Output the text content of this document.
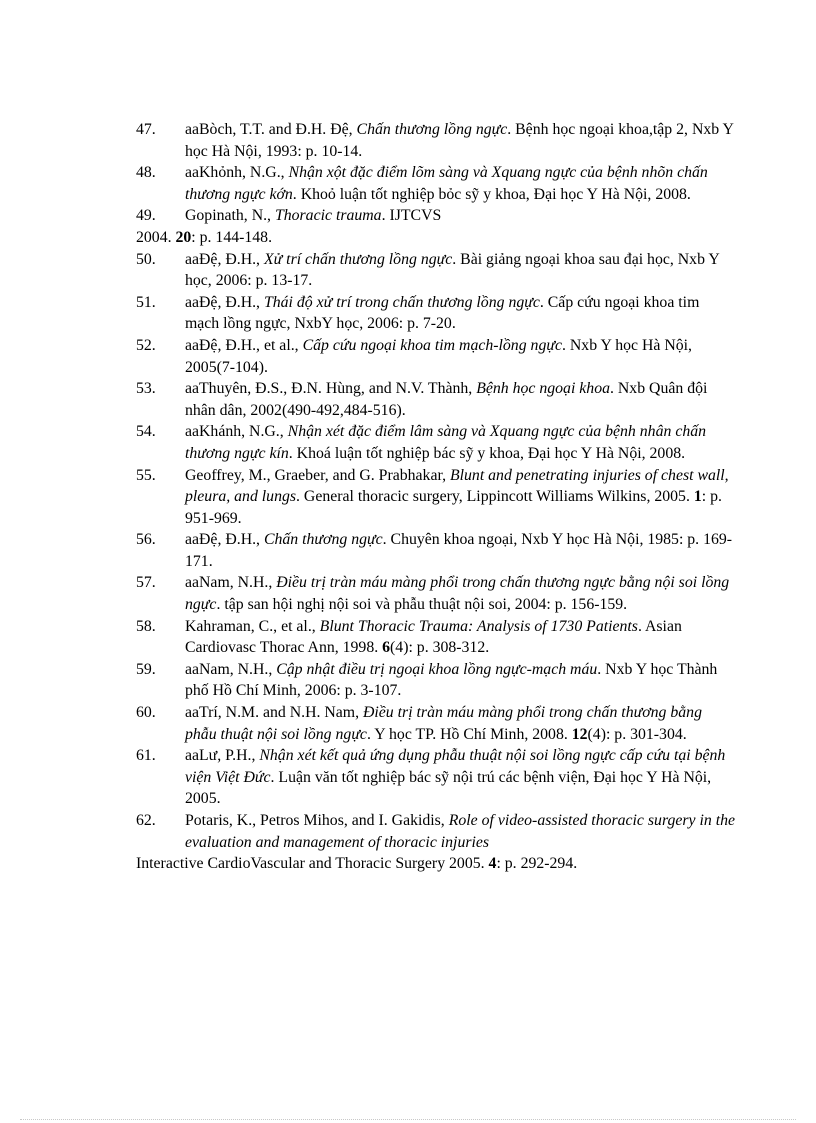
47. aaBòch, T.T. and Đ.H. Đệ, Chấn thương lồng ngực. Bệnh học ngoại khoa,tập 2, Nxb Y học Hà Nội, 1993: p. 10-14.
48. aaKhỏnh, N.G., Nhận xột đặc điểm lõm sàng và Xquang ngực của bệnh nhõn chấn thương ngực kớn. Khoỏ luận tốt nghiệp bỏc sỹ y khoa, Đại học Y Hà Nội, 2008.
49. Gopinath, N., Thoracic trauma. IJTCVS
2004. 20: p. 144-148.
50. aaĐệ, Đ.H., Xử trí chấn thương lồng ngực. Bài giảng ngoại khoa sau đại học, Nxb Y học, 2006: p. 13-17.
51. aaĐệ, Đ.H., Thái độ xử trí trong chấn thương lồng ngực. Cấp cứu ngoại khoa tim mạch lồng ngực, NxbY học, 2006: p. 7-20.
52. aaĐệ, Đ.H., et al., Cấp cứu ngoại khoa tim mạch-lồng ngực. Nxb Y học Hà Nội, 2005(7-104).
53. aaThuyên, Đ.S., Đ.N. Hùng, and N.V. Thành, Bệnh học ngoại khoa. Nxb Quân đội nhân dân, 2002(490-492,484-516).
54. aaKhánh, N.G., Nhận xét đặc điểm lâm sàng và Xquang ngực của bệnh nhân chấn thương ngực kín. Khoá luận tốt nghiệp bác sỹ y khoa, Đại học Y Hà Nội, 2008.
55. Geoffrey, M., Graeber, and G. Prabhakar, Blunt and penetrating injuries of chest wall, pleura, and lungs. General thoracic surgery, Lippincott Williams Wilkins, 2005. 1: p. 951-969.
56. aaĐệ, Đ.H., Chấn thương ngực. Chuyên khoa ngoại, Nxb Y học Hà Nội, 1985: p. 169-171.
57. aaNam, N.H., Điều trị tràn máu màng phổi trong chấn thương ngực bằng nội soi lồng ngực. tập san hội nghị nội soi và phẫu thuật nội soi, 2004: p. 156-159.
58. Kahraman, C., et al., Blunt Thoracic Trauma: Analysis of 1730 Patients. Asian Cardiovasc Thorac Ann, 1998. 6(4): p. 308-312.
59. aaNam, N.H., Cập nhật điều trị ngoại khoa lồng ngực-mạch máu. Nxb Y học Thành phố Hồ Chí Minh, 2006: p. 3-107.
60. aaTrí, N.M. and N.H. Nam, Điều trị tràn máu màng phổi trong chấn thương bằng phẫu thuật nội soi lồng ngực. Y học TP. Hồ Chí Minh, 2008. 12(4): p. 301-304.
61. aaLư, P.H., Nhận xét kết quả ứng dụng phẫu thuật nội soi lồng ngực cấp cứu tại bệnh viện Việt Đức. Luận văn tốt nghiệp bác sỹ nội trú các bệnh viện, Đại học Y Hà Nội, 2005.
62. Potaris, K., Petros Mihos, and I. Gakidis, Role of video-assisted thoracic surgery in the evaluation and management of thoracic injuries
Interactive CardioVascular and Thoracic Surgery 2005. 4: p. 292-294.
